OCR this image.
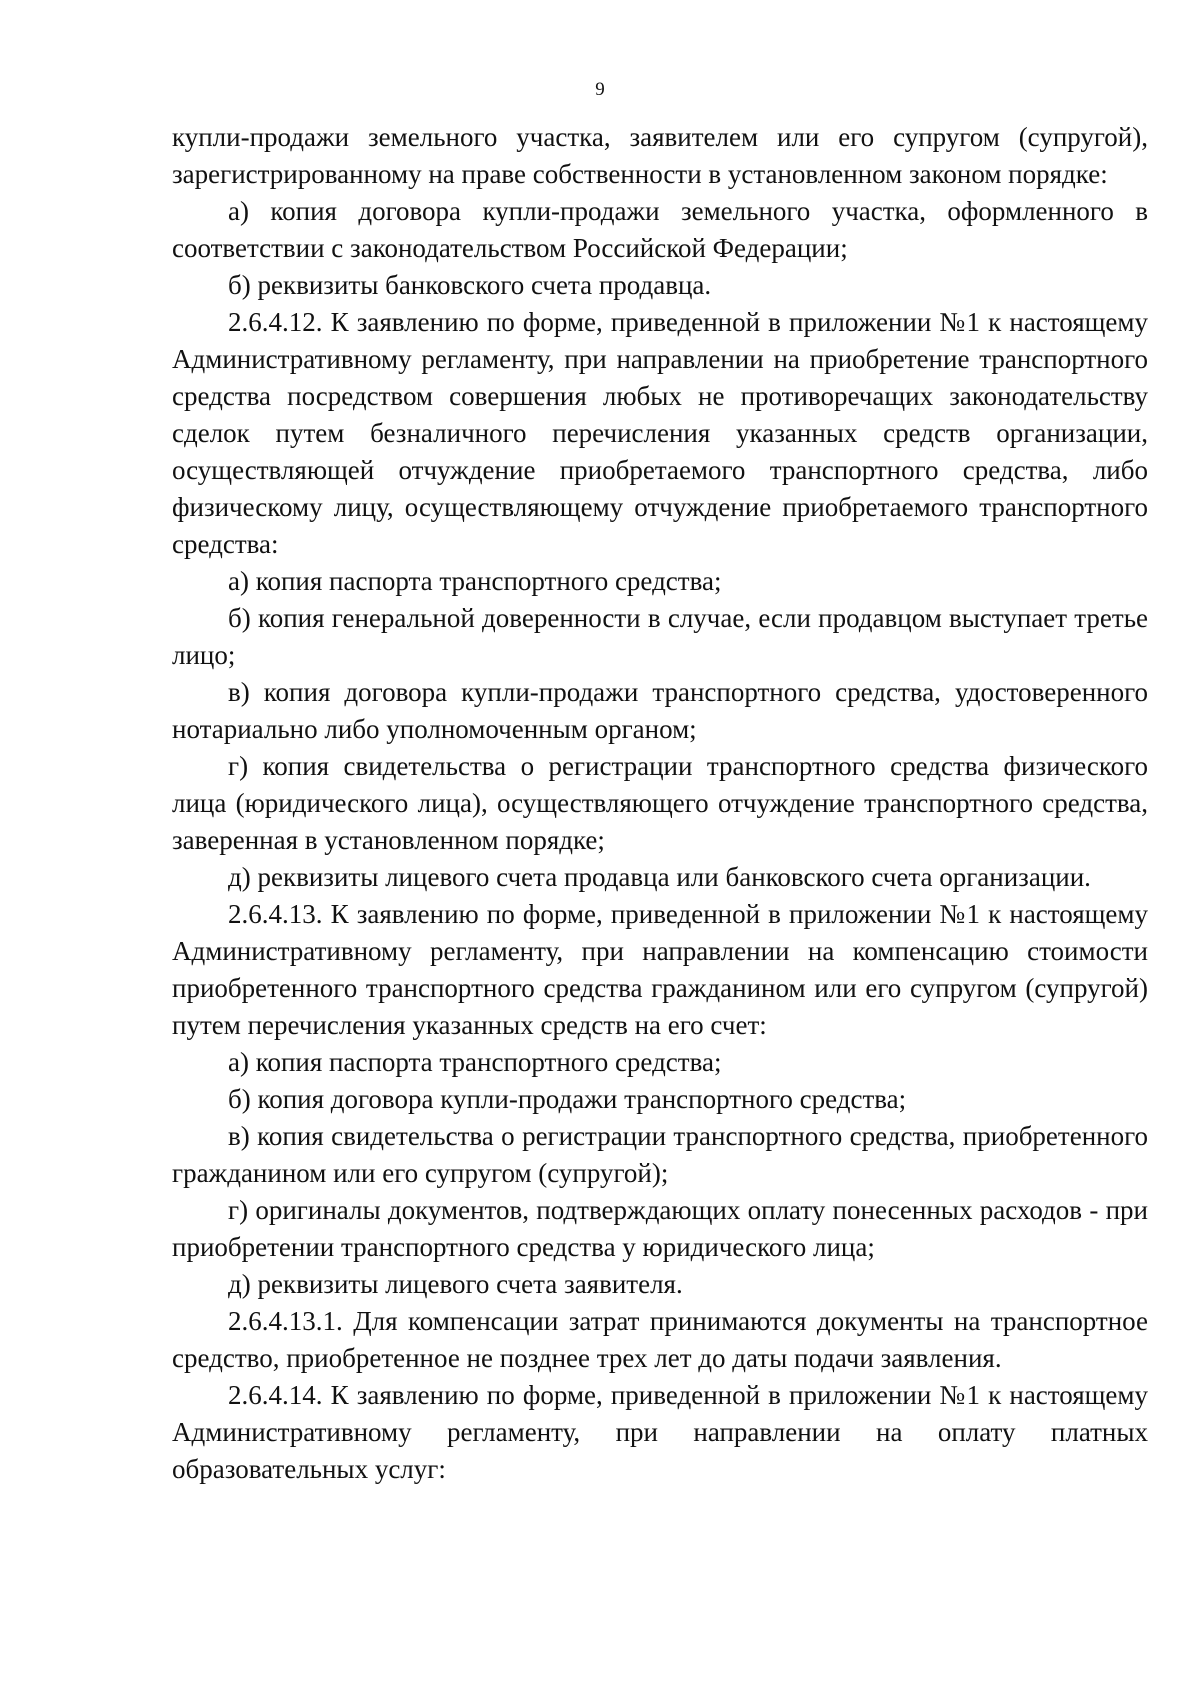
9

купли-продажи земельного участка, заявителем или его супругом (супругой), зарегистрированному на праве собственности в установленном законом порядке:

а) копия договора купли-продажи земельного участка, оформленного в соответствии с законодательством Российской Федерации;

б) реквизиты банковского счета продавца.

2.6.4.12. К заявлению по форме, приведенной в приложении №1 к настоящему Административному регламенту, при направлении на приобретение транспортного средства посредством совершения любых не противоречащих законодательству сделок путем безналичного перечисления указанных средств организации, осуществляющей отчуждение приобретаемого транспортного средства, либо физическому лицу, осуществляющему отчуждение приобретаемого транспортного средства:

а) копия паспорта транспортного средства;

б) копия генеральной доверенности в случае, если продавцом выступает третье лицо;

в) копия договора купли-продажи транспортного средства, удостоверенного нотариально либо уполномоченным органом;

г) копия свидетельства о регистрации транспортного средства физического лица (юридического лица), осуществляющего отчуждение транспортного средства, заверенная в установленном порядке;

д) реквизиты лицевого счета продавца или банковского счета организации.

2.6.4.13. К заявлению по форме, приведенной в приложении №1 к настоящему Административному регламенту, при направлении на компенсацию стоимости приобретенного транспортного средства гражданином или его супругом (супругой) путем перечисления указанных средств на его счет:

а) копия паспорта транспортного средства;

б) копия договора купли-продажи транспортного средства;

в) копия свидетельства о регистрации транспортного средства, приобретенного гражданином или его супругом (супругой);

г) оригиналы документов, подтверждающих оплату понесенных расходов - при приобретении транспортного средства у юридического лица;

д) реквизиты лицевого счета заявителя.

2.6.4.13.1. Для компенсации затрат принимаются документы на транспортное средство, приобретенное не позднее трех лет до даты подачи заявления.

2.6.4.14. К заявлению по форме, приведенной в приложении №1 к настоящему Административному регламенту, при направлении на оплату платных образовательных услуг:
